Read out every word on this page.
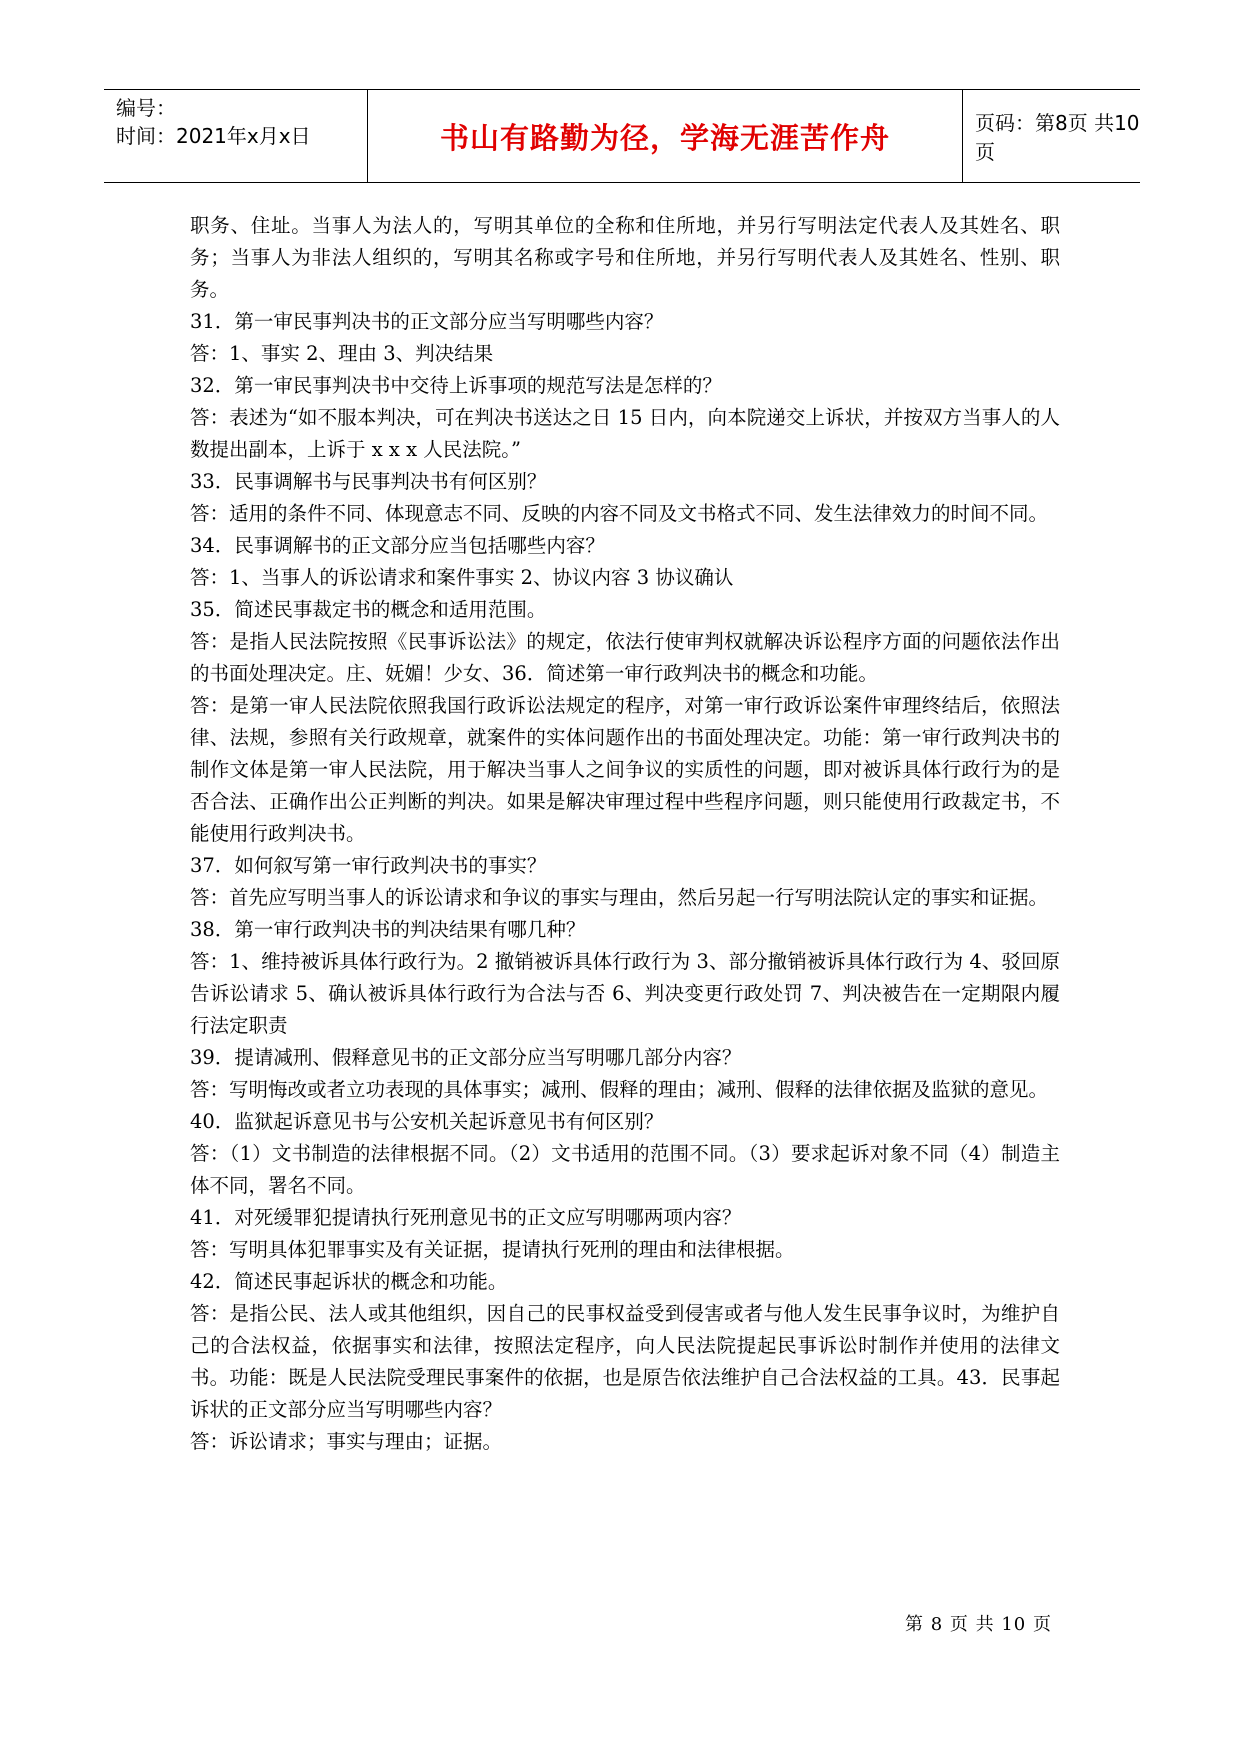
编号：
时间：2021年x月x日	书山有路勤为径，学海无涯苦作舟	页码：第8页 共10页

职务、住址。当事人为法人的，写明其单位的全称和住所地，并另行写明法定代表人及其姓名、职务；当事人为非法人组织的，写明其名称或字号和住所地，并另行写明代表人及其姓名、性别、职务。

31．第一审民事判决书的正文部分应当写明哪些内容？

答：1、事实 2、理由 3、判决结果

32．第一审民事判决书中交待上诉事项的规范写法是怎样的？

答：表述为“如不服本判决，可在判决书送达之日 15 日内，向本院递交上诉状，并按双方当事人的人数提出副本，上诉于 x x x 人民法院。”

33．民事调解书与民事判决书有何区别？

答：适用的条件不同、体现意志不同、反映的内容不同及文书格式不同、发生法律效力的时间不同。

34．民事调解书的正文部分应当包括哪些内容？

答：1、当事人的诉讼请求和案件事实 2、协议内容 3 协议确认

35．简述民事裁定书的概念和适用范围。

答：是指人民法院按照《民事诉讼法》的规定，依法行使审判权就解决诉讼程序方面的问题依法作出的书面处理决定。庄、妩媚！少女、36．简述第一审行政判决书的概念和功能。

答：是第一审人民法院依照我国行政诉讼法规定的程序，对第一审行政诉讼案件审理终结后，依照法律、法规，参照有关行政规章，就案件的实体问题作出的书面处理决定。功能：第一审行政判决书的制作文体是第一审人民法院，用于解决当事人之间争议的实质性的问题，即对被诉具体行政行为的是否合法、正确作出公正判断的判决。如果是解决审理过程中些程序问题，则只能使用行政裁定书，不能使用行政判决书。

37．如何叙写第一审行政判决书的事实？

答：首先应写明当事人的诉讼请求和争议的事实与理由，然后另起一行写明法院认定的事实和证据。

38．第一审行政判决书的判决结果有哪几种？

答：1、维持被诉具体行政行为。2 撤销被诉具体行政行为 3、部分撤销被诉具体行政行为 4、驳回原告诉讼请求 5、确认被诉具体行政行为合法与否 6、判决变更行政处罚 7、判决被告在一定期限内履行法定职责

39．提请减刑、假释意见书的正文部分应当写明哪几部分内容？

答：写明悔改或者立功表现的具体事实；减刑、假释的理由；减刑、假释的法律依据及监狱的意见。

40．监狱起诉意见书与公安机关起诉意见书有何区别？

答：（1）文书制造的法律根据不同。（2）文书适用的范围不同。（3）要求起诉对象不同（4）制造主体不同，署名不同。

41．对死缓罪犯提请执行死刑意见书的正文应写明哪两项内容？

答：写明具体犯罪事实及有关证据，提请执行死刑的理由和法律根据。

42．简述民事起诉状的概念和功能。

答：是指公民、法人或其他组织，因自己的民事权益受到侵害或者与他人发生民事争议时，为维护自己的合法权益，依据事实和法律，按照法定程序，向人民法院提起民事诉讼时制作并使用的法律文书。功能：既是人民法院受理民事案件的依据，也是原告依法维护自己合法权益的工具。43．民事起诉状的正文部分应当写明哪些内容？

答：诉讼请求；事实与理由；证据。

第 8 页 共 10 页
